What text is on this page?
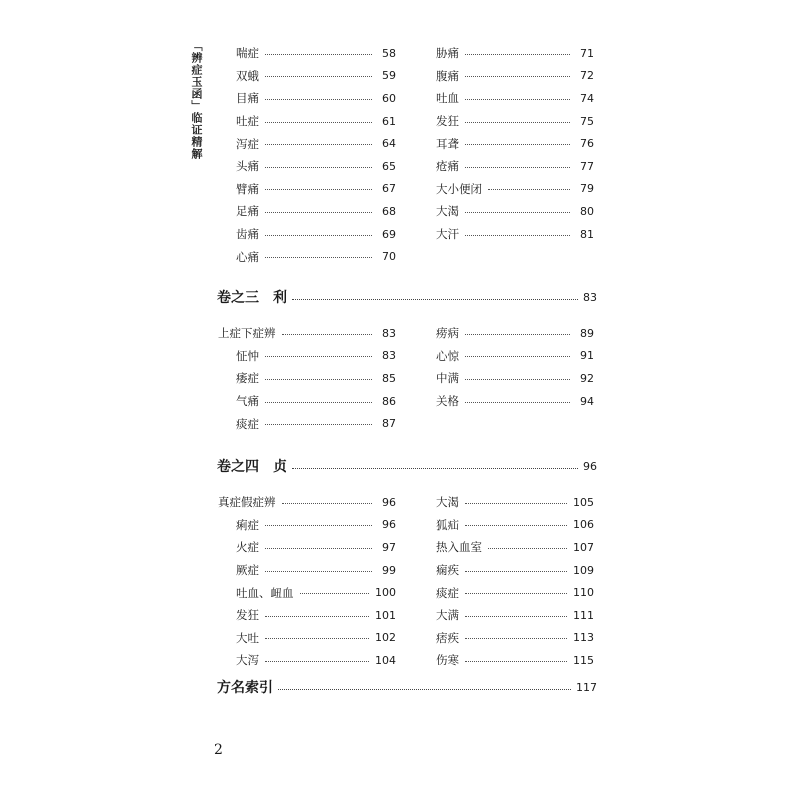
「辨症玉函」临证精解	喘症	58
双蛾	59
目痛	60
吐症	61
泻症	64
头痛	65
臂痛	67
足痛	68
齿痛	69
心痛	70
胁痛	71
腹痛	72
吐血	74
发狂	75
耳聋	76
疮痛	77
大小便闭	79
大渴	80
大汗	81
卷之三 利	83
上症下症辨	83
怔忡	83
痿症	85
气痛	86
痰症	87
痨病	89
心惊	91
中满	92
关格	94
卷之四 贞	96
真症假症辨	96
痢症	96
火症	97
厥症	99
吐血、衄血	100
发狂	101
大吐	102
大泻	104
大渴	105
狐疝	106
热入血室	107
痫疾	109
痰症	110
大满	111
痞疾	113
伤寒	115
方名索引	117
2
